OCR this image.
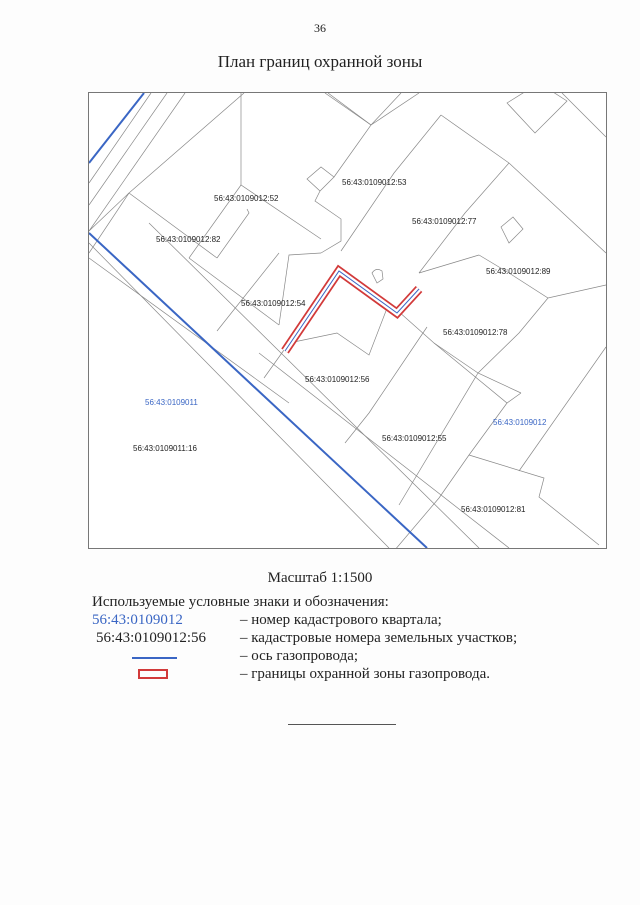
36
План границ охранной зоны
56:43:0109012:52
56:43:0109012:53
56:43:0109012:77
56:43:0109012:82
56:43:0109012:89
56:43:0109012:54
56:43:0109012:78
56:43:0109012:56
56:43:0109011
56:43:0109012
56:43:0109012:55
56:43:0109011:16
56:43:0109012:81
Масштаб 1:1500
Используемые условные знаки и обозначения:
56:43:0109012	– номер кадастрового квартала;
56:43:0109012:56	– кадастровые номера земельных участков;
– ось газопровода;
– границы охранной зоны газопровода.
